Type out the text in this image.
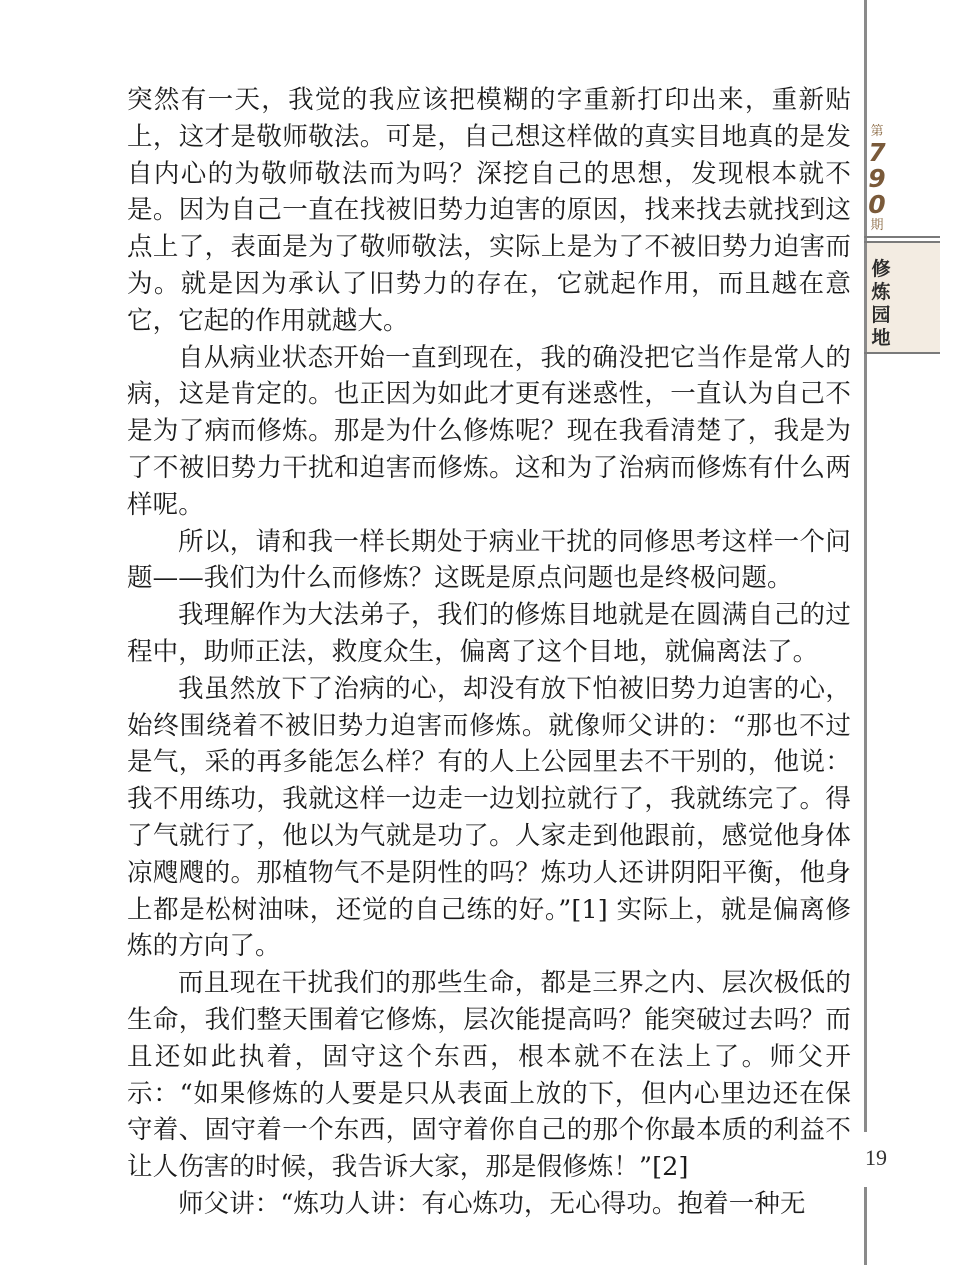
突然有一天，我觉的我应该把模糊的字重新打印出来，重新贴上，这才是敬师敬法。可是，自己想这样做的真实目地真的是发自内心的为敬师敬法而为吗？深挖自己的思想，发现根本就不是。因为自己一直在找被旧势力迫害的原因，找来找去就找到这点上了，表面是为了敬师敬法，实际上是为了不被旧势力迫害而为。就是因为承认了旧势力的存在，它就起作用，而且越在意它，它起的作用就越大。

自从病业状态开始一直到现在，我的确没把它当作是常人的病，这是肯定的。也正因为如此才更有迷惑性，一直认为自己不是为了病而修炼。那是为什么修炼呢？现在我看清楚了，我是为了不被旧势力干扰和迫害而修炼。这和为了治病而修炼有什么两样呢。

所以，请和我一样长期处于病业干扰的同修思考这样一个问题——我们为什么而修炼？这既是原点问题也是终极问题。

我理解作为大法弟子，我们的修炼目地就是在圆满自己的过程中，助师正法，救度众生，偏离了这个目地，就偏离法了。

我虽然放下了治病的心，却没有放下怕被旧势力迫害的心，始终围绕着不被旧势力迫害而修炼。就像师父讲的：“那也不过是气，采的再多能怎么样？有的人上公园里去不干别的，他说：我不用练功，我就这样一边走一边划拉就行了，我就练完了。得了气就行了，他以为气就是功了。人家走到他跟前，感觉他身体凉飕飕的。那植物气不是阴性的吗？炼功人还讲阴阳平衡，他身上都是松树油味，还觉的自己练的好。”[1] 实际上，就是偏离修炼的方向了。

而且现在干扰我们的那些生命，都是三界之内、层次极低的生命，我们整天围着它修炼，层次能提高吗？能突破过去吗？而且还如此执着，固守这个东西，根本就不在法上了。师父开示：“如果修炼的人要是只从表面上放的下，但内心里边还在保守着、固守着一个东西，固守着你自己的那个你最本质的利益不让人伤害的时候，我告诉大家，那是假修炼！”[2]

师父讲：“炼功人讲：有心炼功，无心得功。抱着一种无

第
7
9
0
期
修
炼
园
地
19
